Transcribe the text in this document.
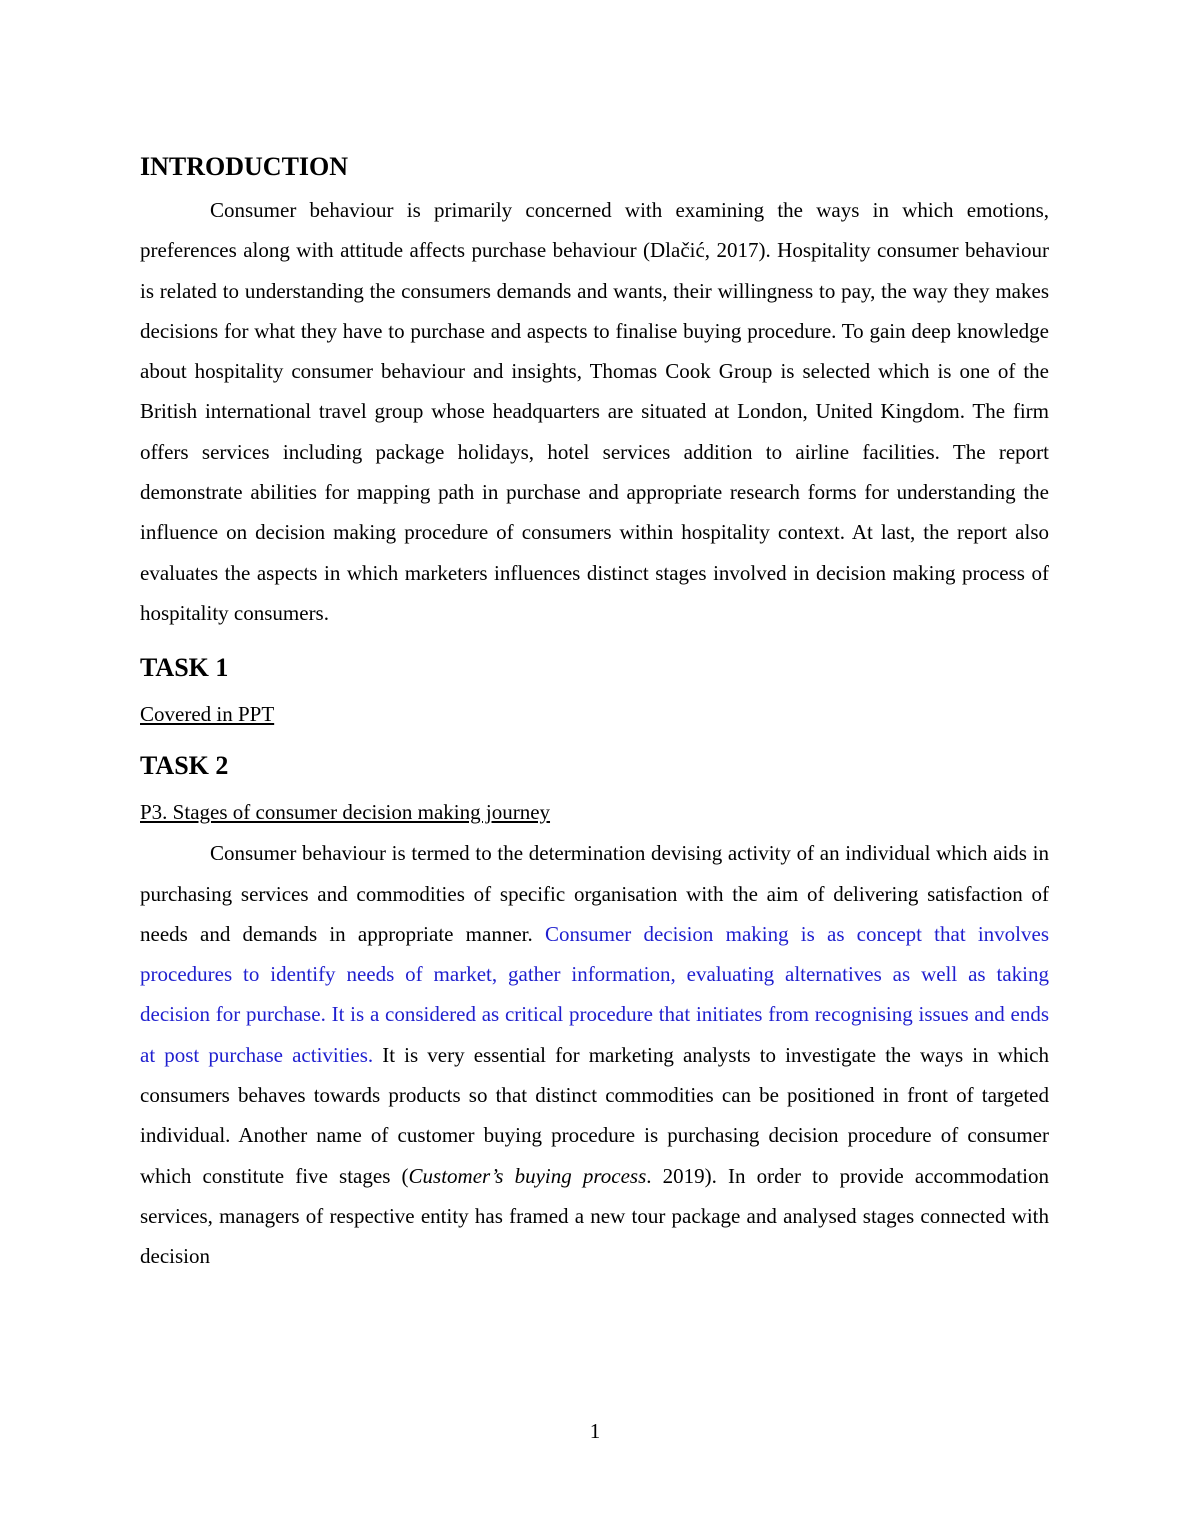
INTRODUCTION

Consumer behaviour is primarily concerned with examining the ways in which emotions, preferences along with attitude affects purchase behaviour (Dlačić, 2017). Hospitality consumer behaviour is related to understanding the consumers demands and wants, their willingness to pay, the way they makes decisions for what they have to purchase and aspects to finalise buying procedure. To gain deep knowledge about hospitality consumer behaviour and insights, Thomas Cook Group is selected which is one of the British international travel group whose headquarters are situated at London, United Kingdom. The firm offers services including package holidays, hotel services addition to airline facilities. The report demonstrate abilities for mapping path in purchase and appropriate research forms for understanding the influence on decision making procedure of consumers within hospitality context. At last, the report also evaluates the aspects in which marketers influences distinct stages involved in decision making process of hospitality consumers.

TASK 1
Covered in PPT
TASK 2
P3. Stages of consumer decision making journey

Consumer behaviour is termed to the determination devising activity of an individual which aids in purchasing services and commodities of specific organisation with the aim of delivering satisfaction of needs and demands in appropriate manner. Consumer decision making is as concept that involves procedures to identify needs of market, gather information, evaluating alternatives as well as taking decision for purchase. It is a considered as critical procedure that initiates from recognising issues and ends at post purchase activities. It is very essential for marketing analysts to investigate the ways in which consumers behaves towards products so that distinct commodities can be positioned in front of targeted individual. Another name of customer buying procedure is purchasing decision procedure of consumer which constitute five stages (Customer’s buying process. 2019). In order to provide accommodation services, managers of respective entity has framed a new tour package and analysed stages connected with decision

1
